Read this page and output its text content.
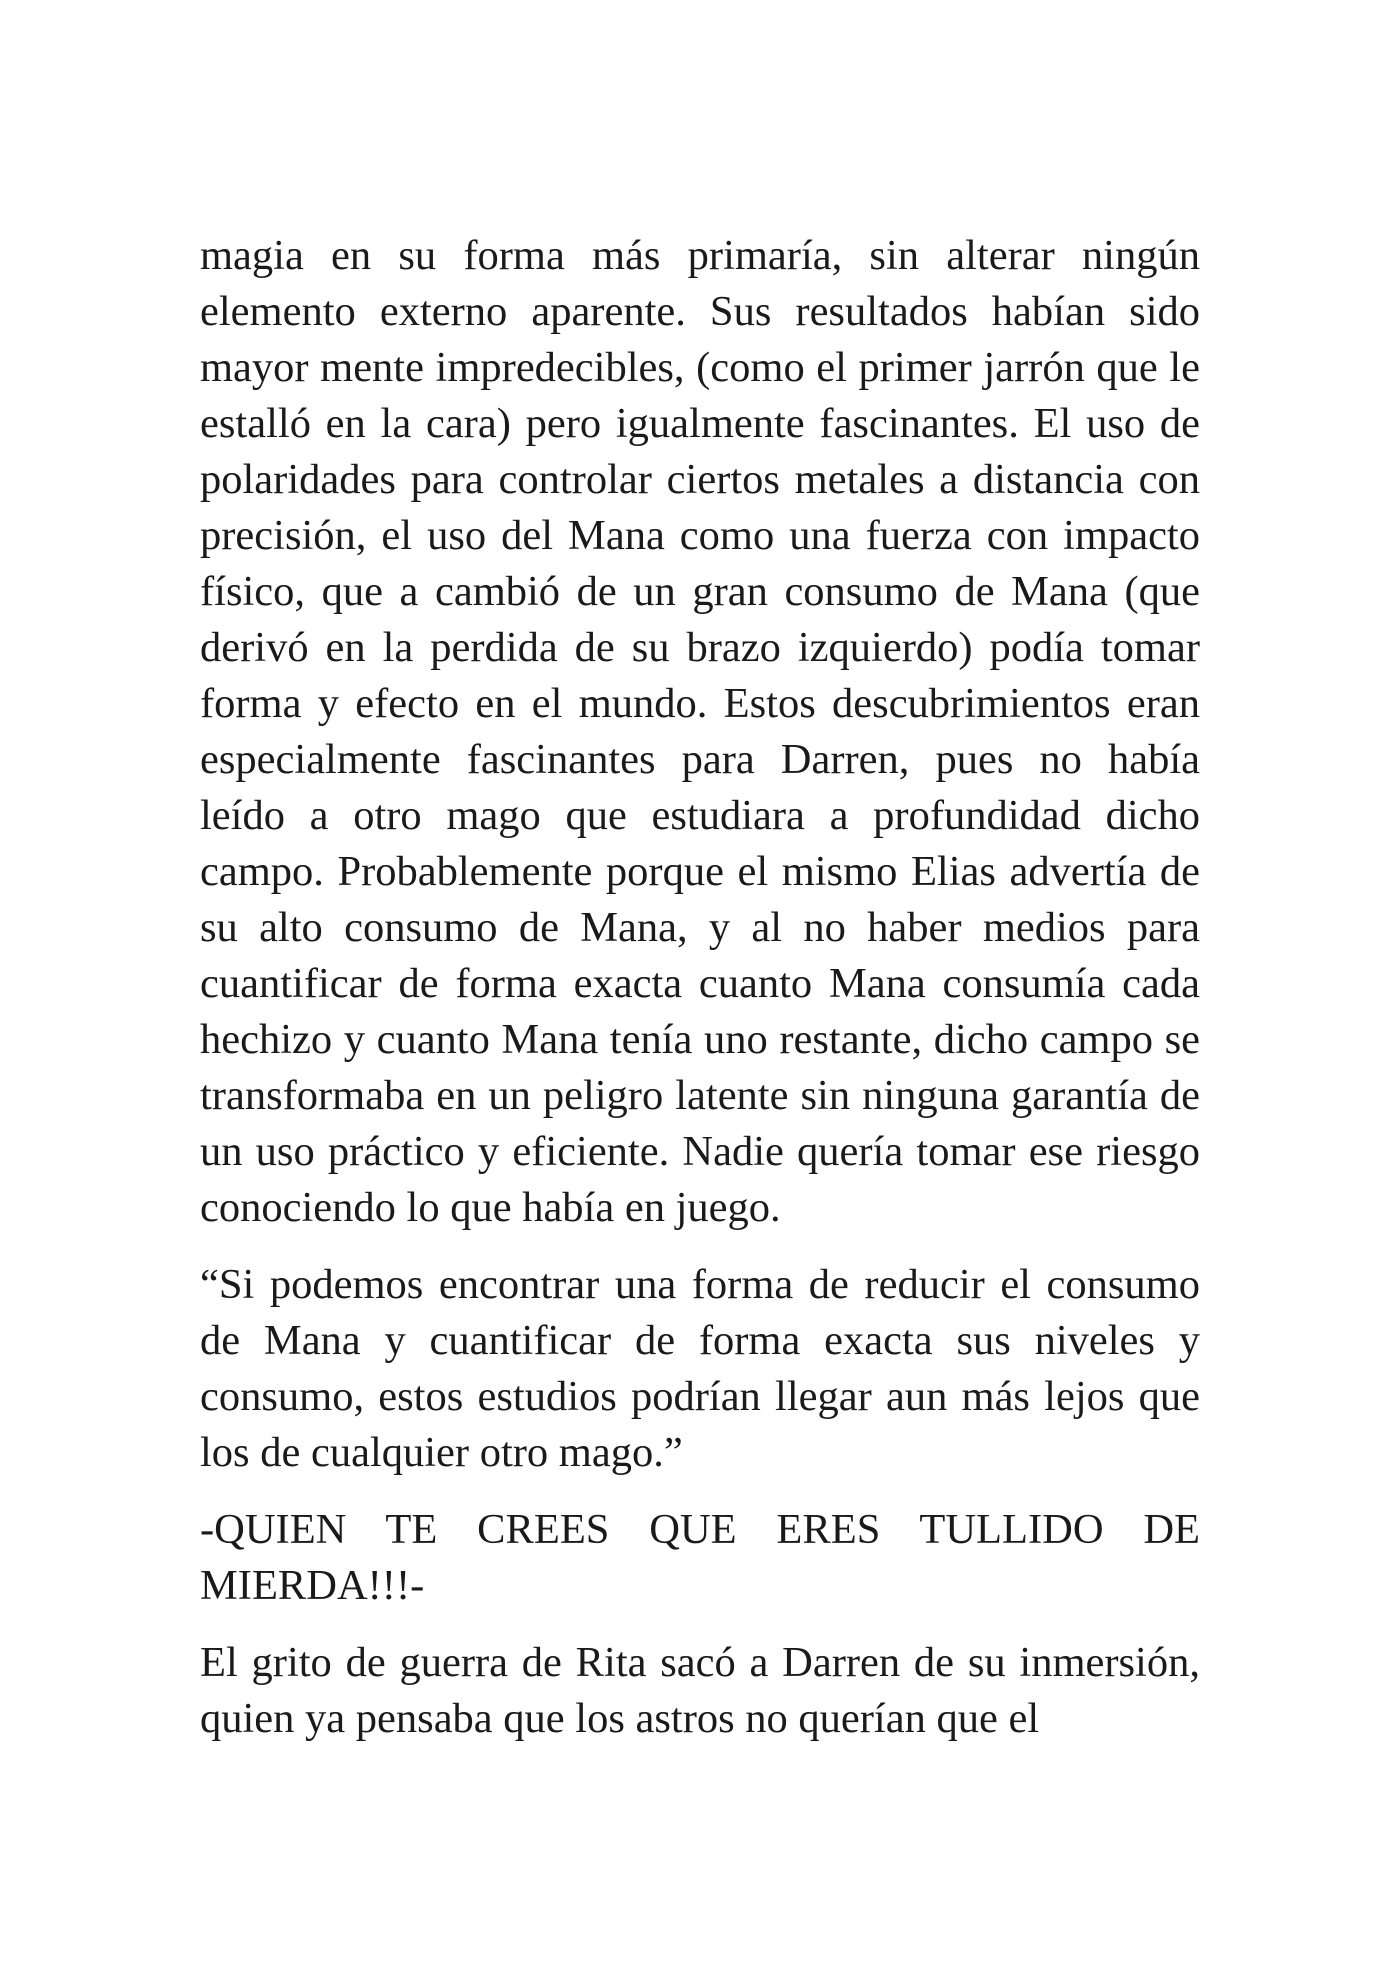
magia en su forma más primaría, sin alterar ningún elemento externo aparente. Sus resultados habían sido mayor mente impredecibles, (como el primer jarrón que le estalló en la cara) pero igualmente fascinantes. El uso de polaridades para controlar ciertos metales a distancia con precisión, el uso del Mana como una fuerza con impacto físico, que a cambió de un gran consumo de Mana (que derivó en la perdida de su brazo izquierdo) podía tomar forma y efecto en el mundo. Estos descubrimientos eran especialmente fascinantes para Darren, pues no había leído a otro mago que estudiara a profundidad dicho campo. Probablemente porque el mismo Elias advertía de su alto consumo de Mana, y al no haber medios para cuantificar de forma exacta cuanto Mana consumía cada hechizo y cuanto Mana tenía uno restante, dicho campo se transformaba en un peligro latente sin ninguna garantía de un uso práctico y eficiente. Nadie quería tomar ese riesgo conociendo lo que había en juego.

“Si podemos encontrar una forma de reducir el consumo de Mana y cuantificar de forma exacta sus niveles y consumo, estos estudios podrían llegar aun más lejos que los de cualquier otro mago.”

-QUIEN TE CREES QUE ERES TULLIDO DE MIERDA!!!-

El grito de guerra de Rita sacó a Darren de su inmersión, quien ya pensaba que los astros no querían que el
